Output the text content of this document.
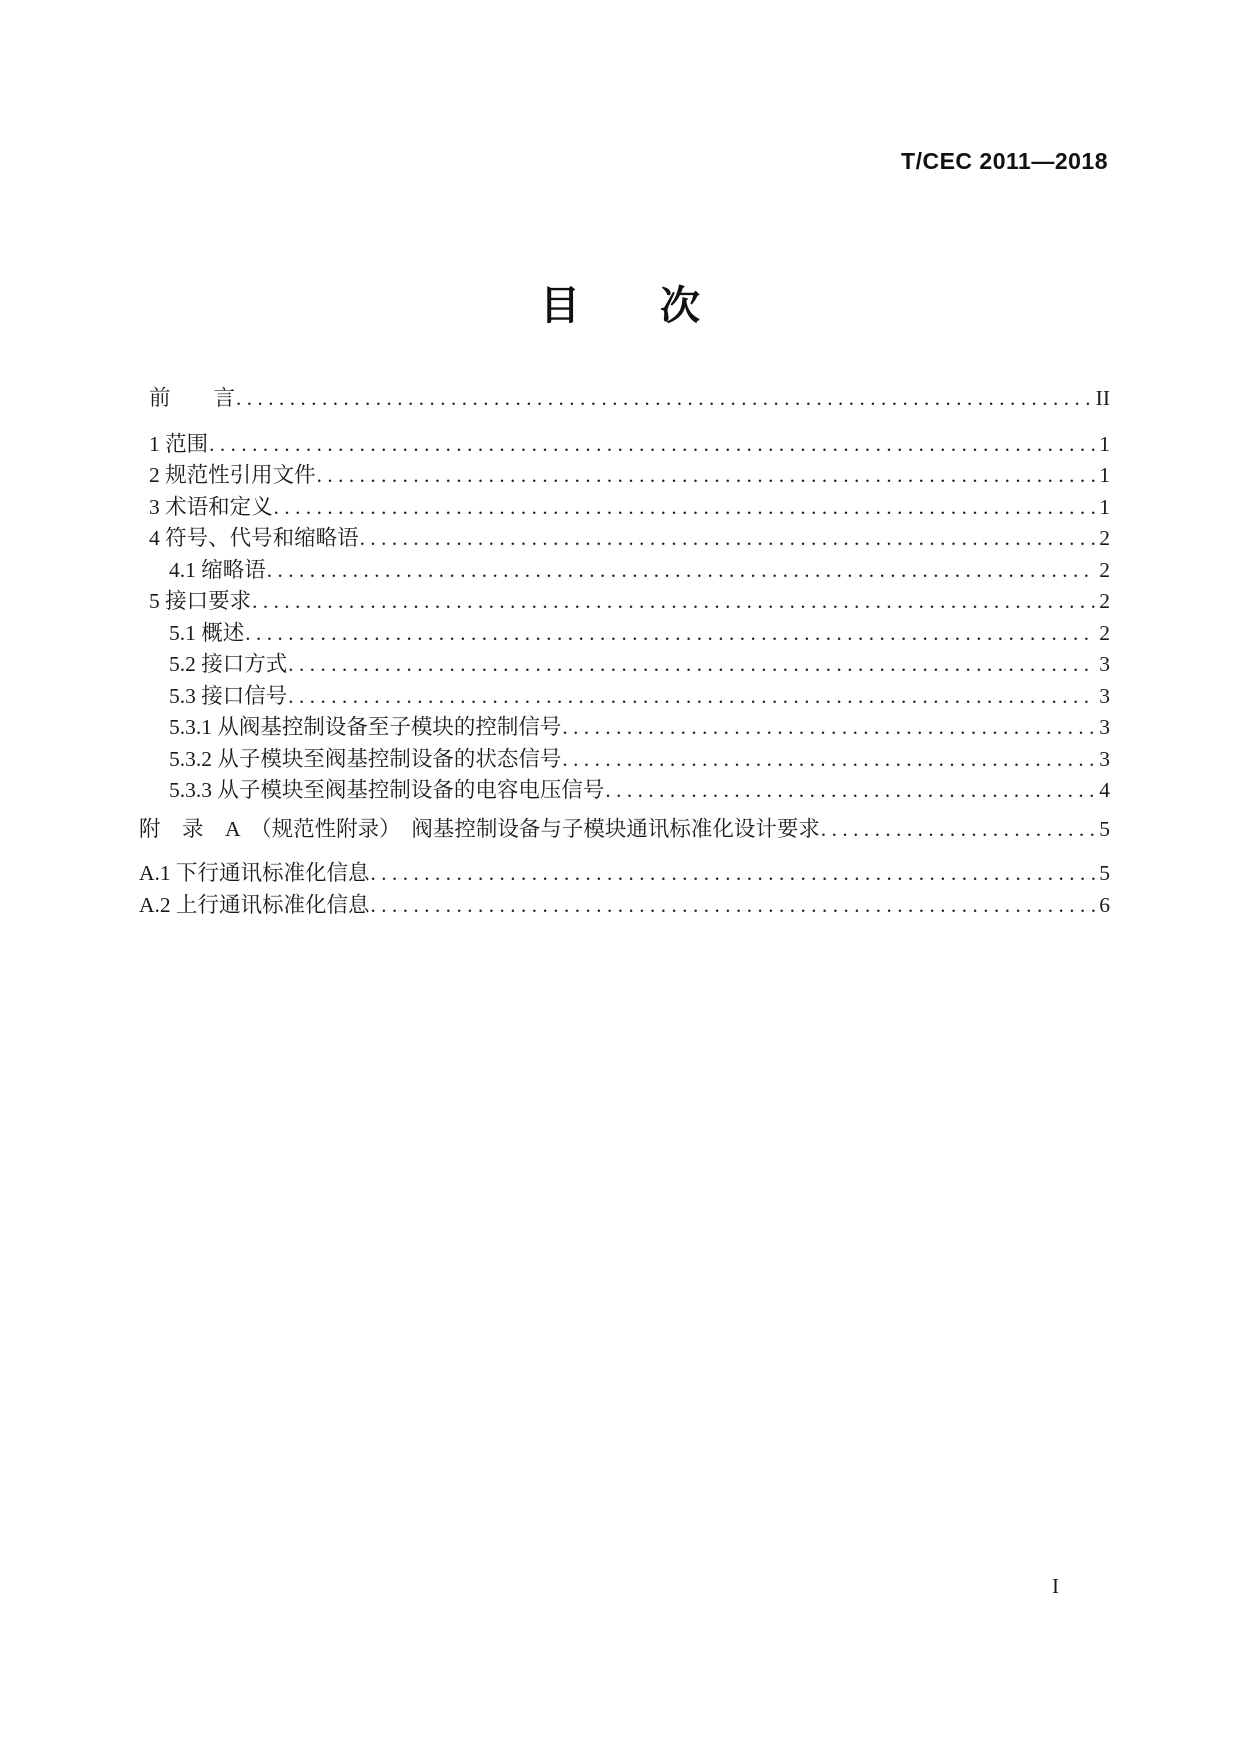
T/CEC 2011—2018
目　　次
前　　言 .....	II
1 范围 .....	1
2 规范性引用文件 .....	1
3 术语和定义 .....	1
4 符号、代号和缩略语 .....	2
4.1 缩略语 .....	2
5 接口要求 .....	2
5.1 概述 .....	2
5.2 接口方式 .....	3
5.3 接口信号 .....	3
5.3.1 从阀基控制设备至子模块的控制信号 .....	3
5.3.2 从子模块至阀基控制设备的状态信号 .....	3
5.3.3 从子模块至阀基控制设备的电容电压信号 .....	4
附　录　A　（规范性附录）　阀基控制设备与子模块通讯标准化设计要求 .....	5
A.1 下行通讯标准化信息 .....	5
A.2 上行通讯标准化信息 .....	6
I
